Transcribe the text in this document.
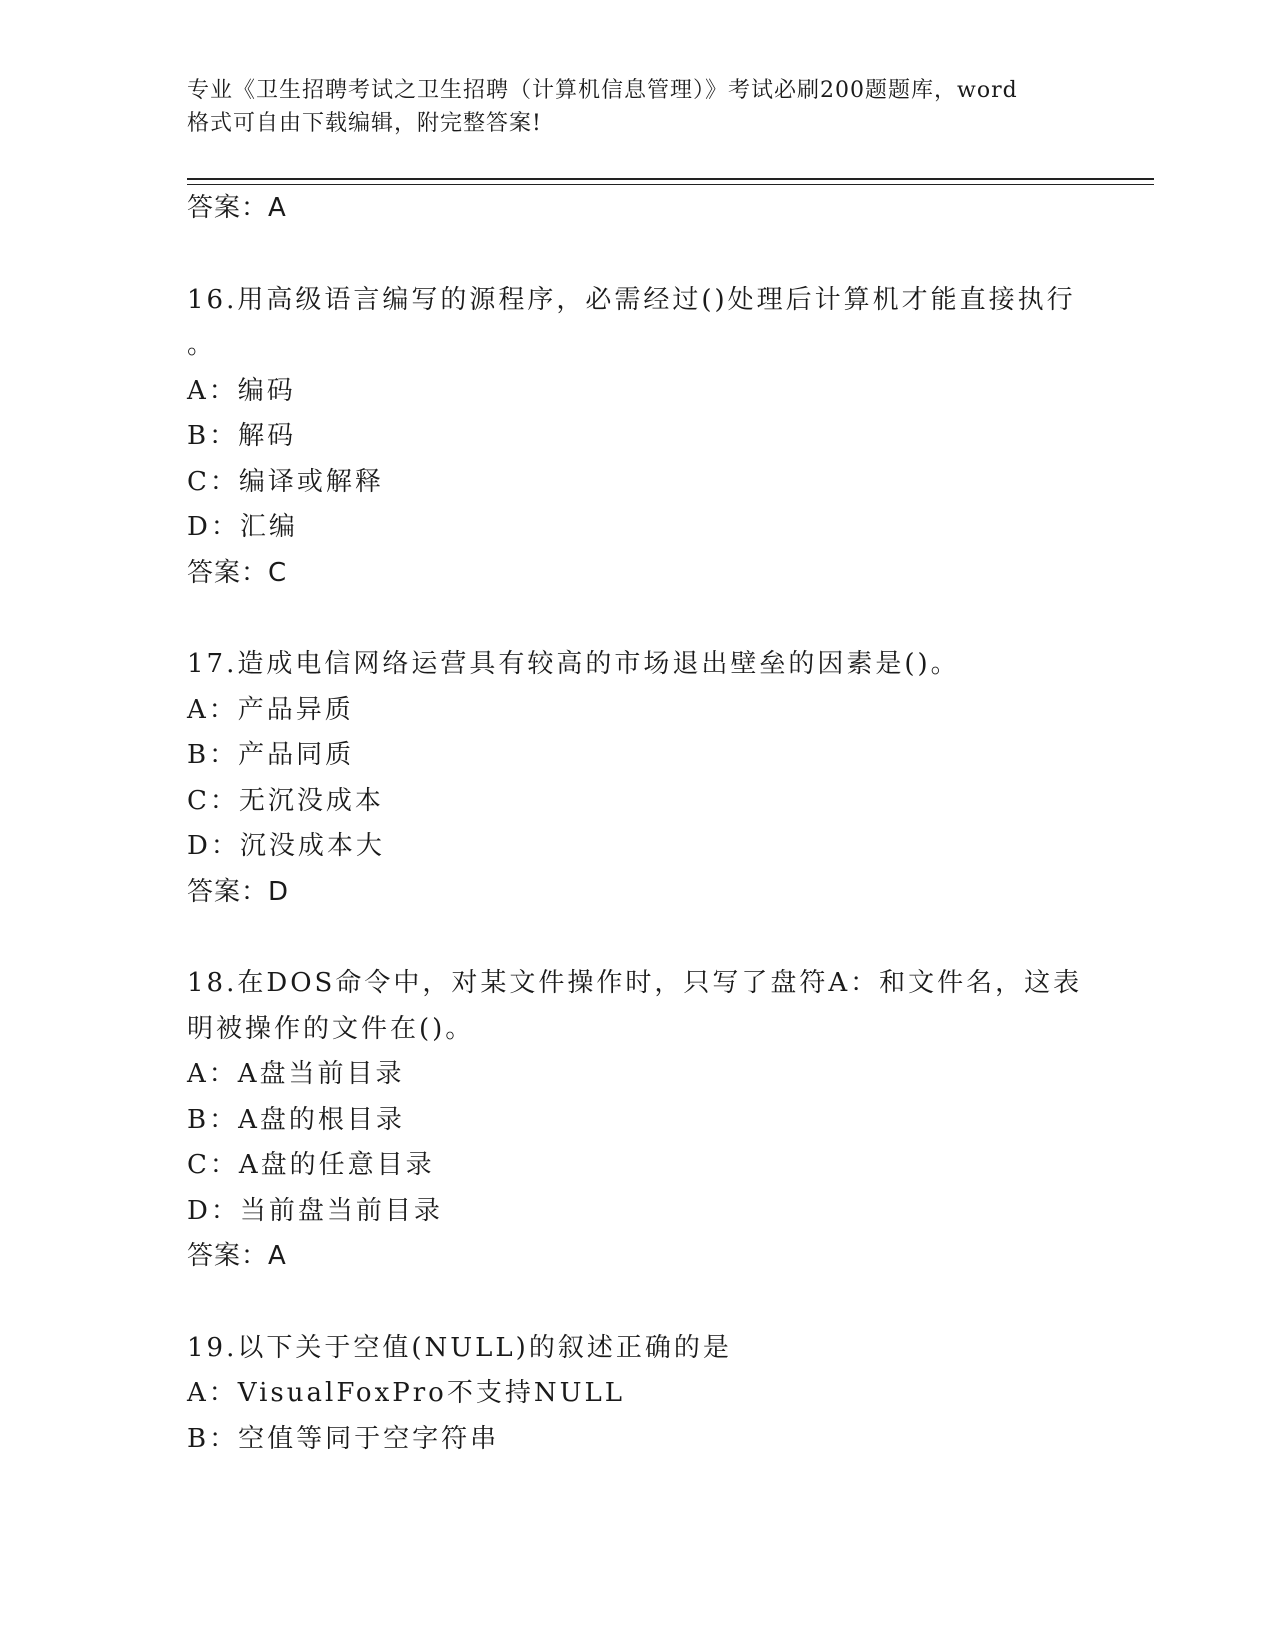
专业《卫生招聘考试之卫生招聘（计算机信息管理）》考试必刷200题题库，word
格式可自由下载编辑，附完整答案!
答案：A
16.用高级语言编写的源程序，必需经过()处理后计算机才能直接执行
。
A：编码
B：解码
C：编译或解释
D：汇编
答案：C
17.造成电信网络运营具有较高的市场退出壁垒的因素是()。
A：产品异质
B：产品同质
C：无沉没成本
D：沉没成本大
答案：D
18.在DOS命令中，对某文件操作时，只写了盘符A：和文件名，这表
明被操作的文件在()。
A：A盘当前目录
B：A盘的根目录
C：A盘的任意目录
D：当前盘当前目录
答案：A
19.以下关于空值(NULL)的叙述正确的是
A：VisualFoxPro不支持NULL
B：空值等同于空字符串
